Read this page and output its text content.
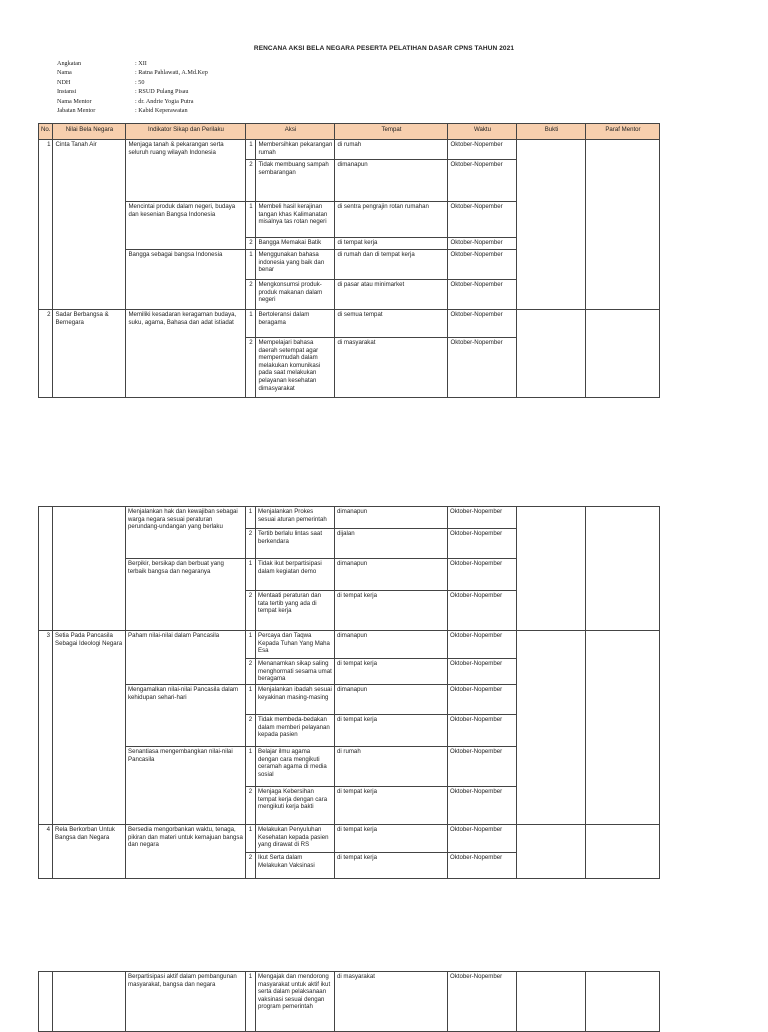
RENCANA AKSI BELA NEGARA PESERTA PELATIHAN DASAR CPNS TAHUN 2021
Angkatan	: XII
Nama	: Ratna Pahlawati, A.Md.Kep
NDH	: 50
Instansi	: RSUD Pulang Pisau
Nama Mentor	: dr. Andrie Yogia Putra
Jabatan Mentor	: Kabid Keperawatan
No.	Nilai Bela Negara	Indikator Sikap dan Perilaku	Aksi		Tempat	Waktu	Bukti	Paraf Mentor
1	Cinta Tanah Air	Menjaga tanah & pekarangan serta seluruh ruang wilayah Indonesia	1	Membersihkan pekarangan rumah	di rumah	Oktober-Nopember		
			2	Tidak membuang sampah sembarangan	dimanapun	Oktober-Nopember		
		Mencintai produk dalam negeri, budaya dan kesenian Bangsa Indonesia	1	Membeli hasil kerajinan tangan khas Kalimanatan misalnya tas rotan negeri	di sentra pengrajin rotan rumahan	Oktober-Nopember		
			2	Bangga Memakai Batik	di tempat kerja	Oktober-Nopember		
		Bangga sebagai bangsa Indonesia	1	Menggunakan bahasa indonesia yang baik dan benar	di rumah dan di tempat kerja	Oktober-Nopember		
			2	Mengkonsumsi produk-produk makanan dalam negeri	di pasar atau minimarket	Oktober-Nopember		
2	Sadar Berbangsa & Bernegara	Memiliki kesadaran keragaman budaya, suku, agama, Bahasa dan adat istiadat	1	Bertoleransi dalam beragama	di semua tempat	Oktober-Nopember		
			2	Mempelajari bahasa daerah setempat agar mempermudah dalam melakukan komunikasi pada saat melakukan pelayanan kesehatan dimasyarakat	di masyarakat	Oktober-Nopember		
		Menjalankan hak dan kewajiban sebagai warga negara sesuai peraturan perundang-undangan yang berlaku	1	Menjalankan Prokes sesuai aturan pemerintah	dimanapun	Oktober-Nopember		
			2	Tertib berlalu lintas saat berkendara	dijalan	Oktober-Nopember		
		Berpikir, bersikap dan berbuat yang terbaik bangsa dan negaranya	1	Tidak ikut berpartisipasi dalam kegiatan demo	dimanapun	Oktober-Nopember		
			2	Mentaati peraturan dan tata tertib yang ada di tempat kerja	di tempat kerja	Oktober-Nopember		
3	Setia Pada Pancasila Sebagai Ideologi Negara	Paham nilai-nilai dalam Pancasila	1	Percaya dan Taqwa Kepada Tuhan Yang Maha Esa	dimanapun	Oktober-Nopember		
			2	Menanamkan sikap saling menghormati sesama umat beragama	di tempat kerja	Oktober-Nopember		
		Mengamalkan nilai-nilai Pancasila dalam kehidupan sehari-hari	1	Menjalankan ibadah sesuai keyakinan masing-masing	dimanapun	Oktober-Nopember		
			2	Tidak membeda-bedakan dalam memberi pelayanan kepada pasien	di tempat kerja	Oktober-Nopember		
		Senantiasa mengembangkan nilai-nilai Pancasila	1	Belajar ilmu agama dengan cara mengikuti ceramah agama di media sosial	di rumah	Oktober-Nopember		
			2	Menjaga Kebersihan tempat kerja dengan cara mengikuti kerja bakti	di tempat kerja	Oktober-Nopember		
4	Rela Berkorban Untuk Bangsa dan Negara	Bersedia mengorbankan waktu, tenaga, pikiran dan materi untuk kemajuan bangsa dan negara	1	Melakukan Penyuluhan Kesehatan kepada pasien yang dirawat di RS	di tempat kerja	Oktober-Nopember		
			2	Ikut Serta dalam Melakukan Vaksinasi	di tempat kerja	Oktober-Nopember		
		Berpartisipasi aktif dalam pembangunan masyarakat, bangsa dan negara	1	Mengajak dan mendorong masyarakat untuk aktif ikut serta dalam pelaksanaan vaksinasi sesuai dengan program pemerintah	di masyarakat	Oktober-Nopember		
